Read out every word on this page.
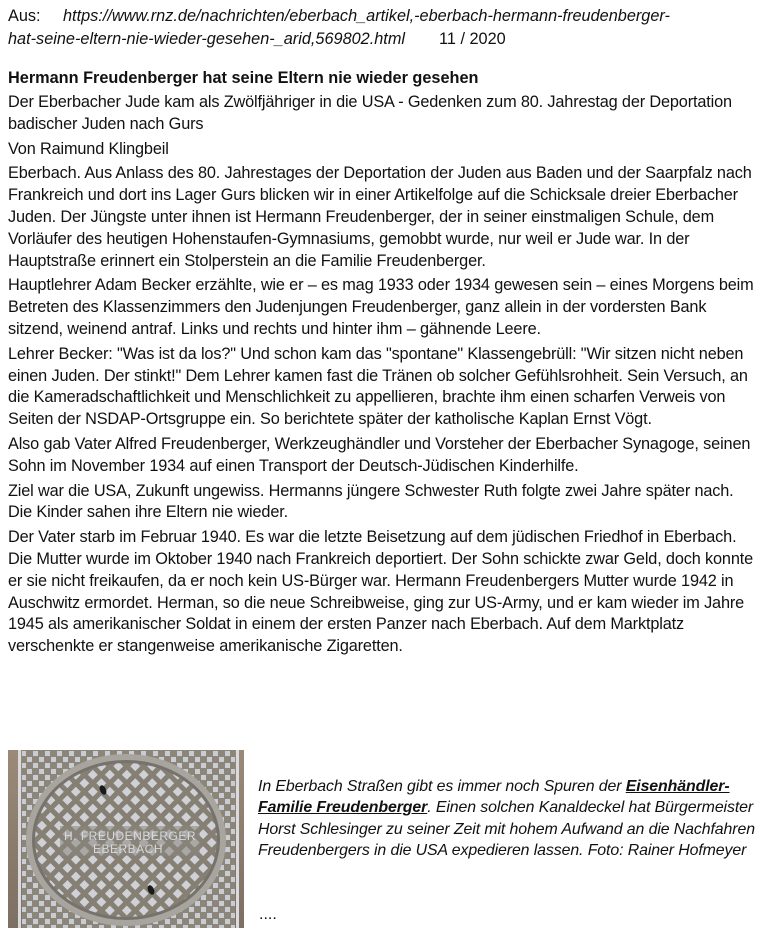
Aus: https://www.rnz.de/nachrichten/eberbach_artikel,-eberbach-hermann-freudenberger-
hat-seine-eltern-nie-wieder-gesehen-_arid,569802.html 11 / 2020
Hermann Freudenberger hat seine Eltern nie wieder gesehen
Der Eberbacher Jude kam als Zwölfjähriger in die USA - Gedenken zum 80. Jahrestag der Deportation badischer Juden nach Gurs
Von Raimund Klingbeil
Eberbach. Aus Anlass des 80. Jahrestages der Deportation der Juden aus Baden und der Saarpfalz nach Frankreich und dort ins Lager Gurs blicken wir in einer Artikelfolge auf die Schicksale dreier Eberbacher Juden. Der Jüngste unter ihnen ist Hermann Freudenberger, der in seiner einstmaligen Schule, dem Vorläufer des heutigen Hohenstaufen-Gymnasiums, gemobbt wurde, nur weil er Jude war. In der Hauptstraße erinnert ein Stolperstein an die Familie Freudenberger.
Hauptlehrer Adam Becker erzählte, wie er – es mag 1933 oder 1934 gewesen sein – eines Morgens beim Betreten des Klassenzimmers den Judenjungen Freudenberger, ganz allein in der vordersten Bank sitzend, weinend antraf. Links und rechts und hinter ihm – gähnende Leere.
Lehrer Becker: "Was ist da los?" Und schon kam das "spontane" Klassengebrüll: "Wir sitzen nicht neben einen Juden. Der stinkt!" Dem Lehrer kamen fast die Tränen ob solcher Gefühlsrohheit. Sein Versuch, an die Kameradschaftlichkeit und Menschlichkeit zu appellieren, brachte ihm einen scharfen Verweis von Seiten der NSDAP-Ortsgruppe ein. So berichtete später der katholische Kaplan Ernst Vögt.
Also gab Vater Alfred Freudenberger, Werkzeughändler und Vorsteher der Eberbacher Synagoge, seinen Sohn im November 1934 auf einen Transport der Deutsch-Jüdischen Kinderhilfe.
Ziel war die USA, Zukunft ungewiss. Hermanns jüngere Schwester Ruth folgte zwei Jahre später nach. Die Kinder sahen ihre Eltern nie wieder.
Der Vater starb im Februar 1940. Es war die letzte Beisetzung auf dem jüdischen Friedhof in Eberbach. Die Mutter wurde im Oktober 1940 nach Frankreich deportiert. Der Sohn schickte zwar Geld, doch konnte er sie nicht freikaufen, da er noch kein US-Bürger war. Hermann Freudenbergers Mutter wurde 1942 in Auschwitz ermordet. Herman, so die neue Schreibweise, ging zur US-Army, und er kam wieder im Jahre 1945 als amerikanischer Soldat in einem der ersten Panzer nach Eberbach. Auf dem Marktplatz verschenkte er stangenweise amerikanische Zigaretten.
H. FREUDENBERGER
EBERBACH
In Eberbach Straßen gibt es immer noch Spuren der Eisenhändler-Familie Freudenberger. Einen solchen Kanaldeckel hat Bürgermeister Horst Schlesinger zu seiner Zeit mit hohem Aufwand an die Nachfahren Freudenbergers in die USA expedieren lassen. Foto: Rainer Hofmeyer
....
